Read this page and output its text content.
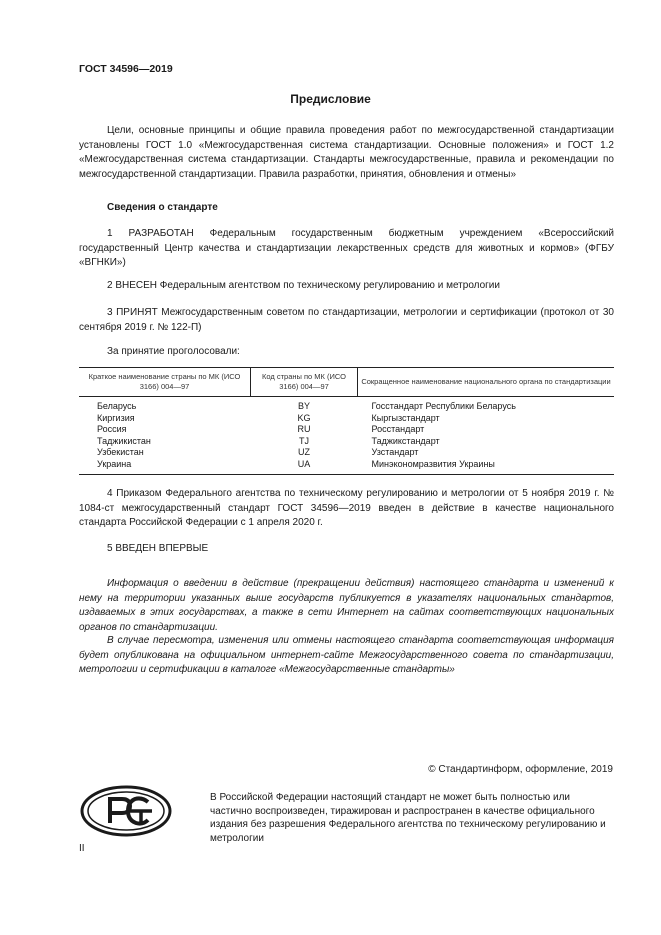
ГОСТ 34596—2019
Предисловие
Цели, основные принципы и общие правила проведения работ по межгосударственной стандартизации установлены ГОСТ 1.0 «Межгосударственная система стандартизации. Основные положения» и ГОСТ 1.2 «Межгосударственная система стандартизации. Стандарты межгосударственные, правила и рекомендации по межгосударственной стандартизации. Правила разработки, принятия, обновления и отмены»
Сведения о стандарте
1 РАЗРАБОТАН Федеральным государственным бюджетным учреждением «Всероссийский государственный Центр качества и стандартизации лекарственных средств для животных и кормов» (ФГБУ «ВГНКИ»)
2 ВНЕСЕН Федеральным агентством по техническому регулированию и метрологии
3 ПРИНЯТ Межгосударственным советом по стандартизации, метрологии и сертификации (протокол от 30 сентября 2019 г. № 122-П)
За принятие проголосовали:
Краткое наименование страны по МК (ИСО 3166) 004—97	Код страны по МК (ИСО 3166) 004—97	Сокращенное наименование национального органа по стандартизации
Беларусь	BY	Госстандарт Республики Беларусь
Киргизия	KG	Кыргызстандарт
Россия	RU	Росстандарт
Таджикистан	TJ	Таджикстандарт
Узбекистан	UZ	Узстандарт
Украина	UA	Минэкономразвития Украины
4 Приказом Федерального агентства по техническому регулированию и метрологии от 5 ноября 2019 г. № 1084-ст межгосударственный стандарт ГОСТ 34596—2019 введен в действие в качестве национального стандарта Российской Федерации с 1 апреля 2020 г.
5 ВВЕДЕН ВПЕРВЫЕ
Информация о введении в действие (прекращении действия) настоящего стандарта и изменений к нему на территории указанных выше государств публикуется в указателях национальных стандартов, издаваемых в этих государствах, а также в сети Интернет на сайтах соответствующих национальных органов по стандартизации.
В случае пересмотра, изменения или отмены настоящего стандарта соответствующая информация будет опубликована на официальном интернет-сайте Межгосударственного совета по стандартизации, метрологии и сертификации в каталоге «Межгосударственные стандарты»
© Стандартинформ, оформление, 2019
В Российской Федерации настоящий стандарт не может быть полностью или частично воспроизведен, тиражирован и распространен в качестве официального издания без разрешения Федерального агентства по техническому регулированию и метрологии
II
